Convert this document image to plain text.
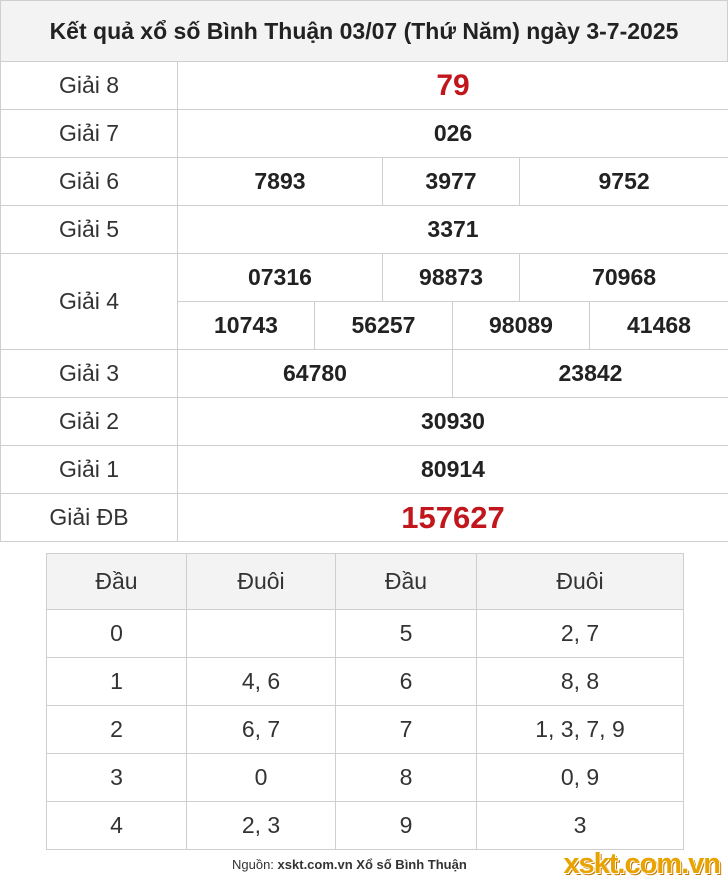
Kết quả xổ số Bình Thuận 03/07 (Thứ Năm) ngày 3-7-2025
Giải 8	79
Giải 7	026
Giải 6	7893 3977 9752

Giải 5	3371
Giải 4	07316 98873 70968

10743 56257 98089 41468

Giải 3	64780 23842

Giải 2	30930
Giải 1	80914
Giải ĐB	157627
Đầu	Đuôi	Đầu	Đuôi
0		5	2, 7
1	4, 6	6	8, 8
2	6, 7	7	1, 3, 7, 9
3	0	8	0, 9
4	2, 3	9	3
Nguồn: xskt.com.vn Xổ số Bình Thuận	xskt.com.vn
